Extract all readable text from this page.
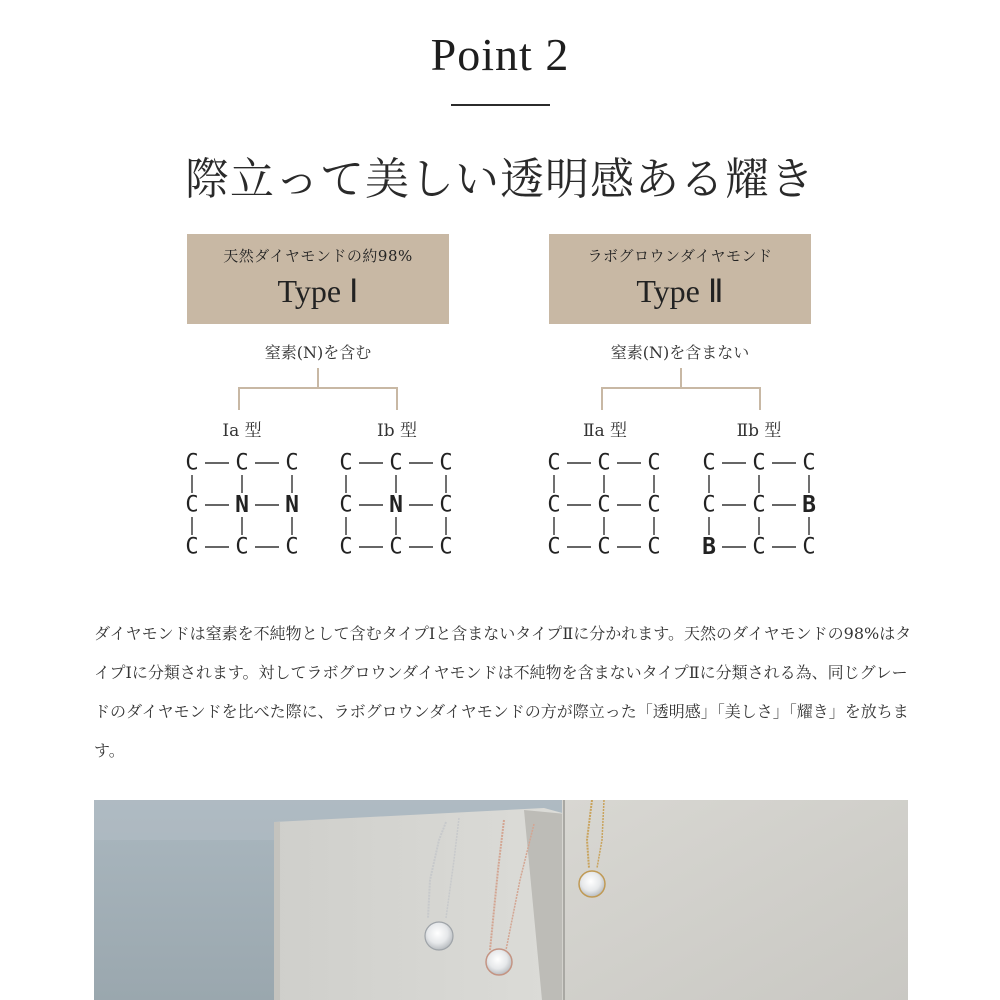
Point 2
際立って美しい透明感ある耀き
天然ダイヤモンドの約98%
Type Ⅰ
窒素(N)を含む
Ⅰa 型	Ⅰb 型
ラボグロウンダイヤモンド
Type Ⅱ
窒素(N)を含まない
Ⅱa 型	Ⅱb 型
C C C
C N N
C C C
C C C
C N C
C C C
C C C
C C C
C C C
C C C
C C B
B C C
ダイヤモンドは窒素を不純物として含むタイプⅠと含まないタイプⅡに分かれます。天然のダイヤモンドの98%はタイプⅠに分類されます。対してラボグロウンダイヤモンドは不純物を含まないタイプⅡに分類される為、同じグレードのダイヤモンドを比べた際に、ラボグロウンダイヤモンドの方が際立った「透明感」「美しさ」「耀き」を放ちます。
